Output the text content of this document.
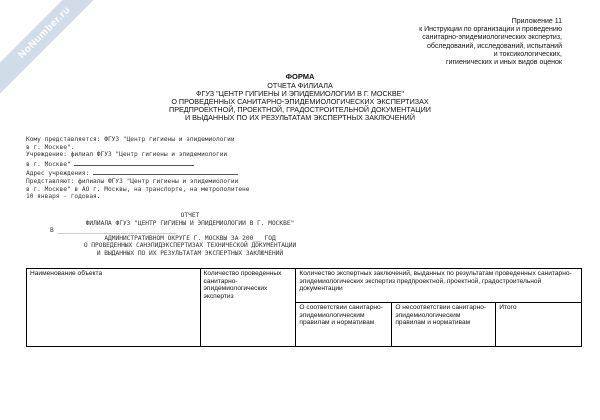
NoNumber.ru	Приложение 11
к Инструкции по организации и проведению
санитарно-эпидемиологических экспертиз,
обследований, исследований, испытаний
и токсикологических,
гигиенических и иных видов оценок
ФОРМА
ОТЧЕТА ФИЛИАЛА
ФГУЗ "ЦЕНТР ГИГИЕНЫ И ЭПИДЕМИОЛОГИИ В Г. МОСКВЕ"
О ПРОВЕДЕННЫХ САНИТАРНО-ЭПИДЕМИОЛОГИЧЕСКИХ ЭКСПЕРТИЗАХ
ПРЕДПРОЕКТНОЙ, ПРОЕКТНОЙ, ГРАДОСТРОИТЕЛЬНОЙ ДОКУМЕНТАЦИИ
И ВЫДАННЫХ ПО ИХ РЕЗУЛЬТАТАМ ЭКСПЕРТНЫХ ЗАКЛЮЧЕНИЙ
Кому представляется: ФГУЗ "Центр гигиены и эпидемиологии
в г. Москве".
Учреждение: филиал ФГУЗ "Центр гигиены и эпидемиологии
в г. Москве"
Адрес учреждения:
Представляют: филиалы ФГУЗ "Центр гигиены и эпидемиологии
в г. Москве" в АО г. Москвы, на транспорте, на метрополитене
10 января - годовая.
ОТЧЕТ
ФИЛИАЛА ФГУЗ "ЦЕНТР ГИГИЕНЫ И ЭПИДЕМИОЛОГИИ В Г. МОСКВЕ"
В ________________________________
АДМИНИСТРАТИВНОМ ОКРУГЕ Г. МОСКВЫ ЗА 200__ ГОД
О ПРОВЕДЕННЫХ САНЭПИДЭКСПЕРТИЗАХ ТЕХНИЧЕСКОЙ ДОКУМЕНТАЦИИ
И ВЫДАННЫХ ПО ИХ РЕЗУЛЬТАТАМ ЭКСПЕРТНЫХ ЗАКЛЮЧЕНИЙ
Наименование объекта	Количество проведенных санитарно-эпидемиологических экспертиз	Количество экспертных заключений, выданных по результатам проведенных санитарно-эпидемиологических экспертиз предпроектной, проектной, градостроительной документации		
		О соответствии санитарно-эпидемиологическим правилам и нормативам	О несоответствии санитарно-эпидемиологическим правилам и нормативам	Итого
